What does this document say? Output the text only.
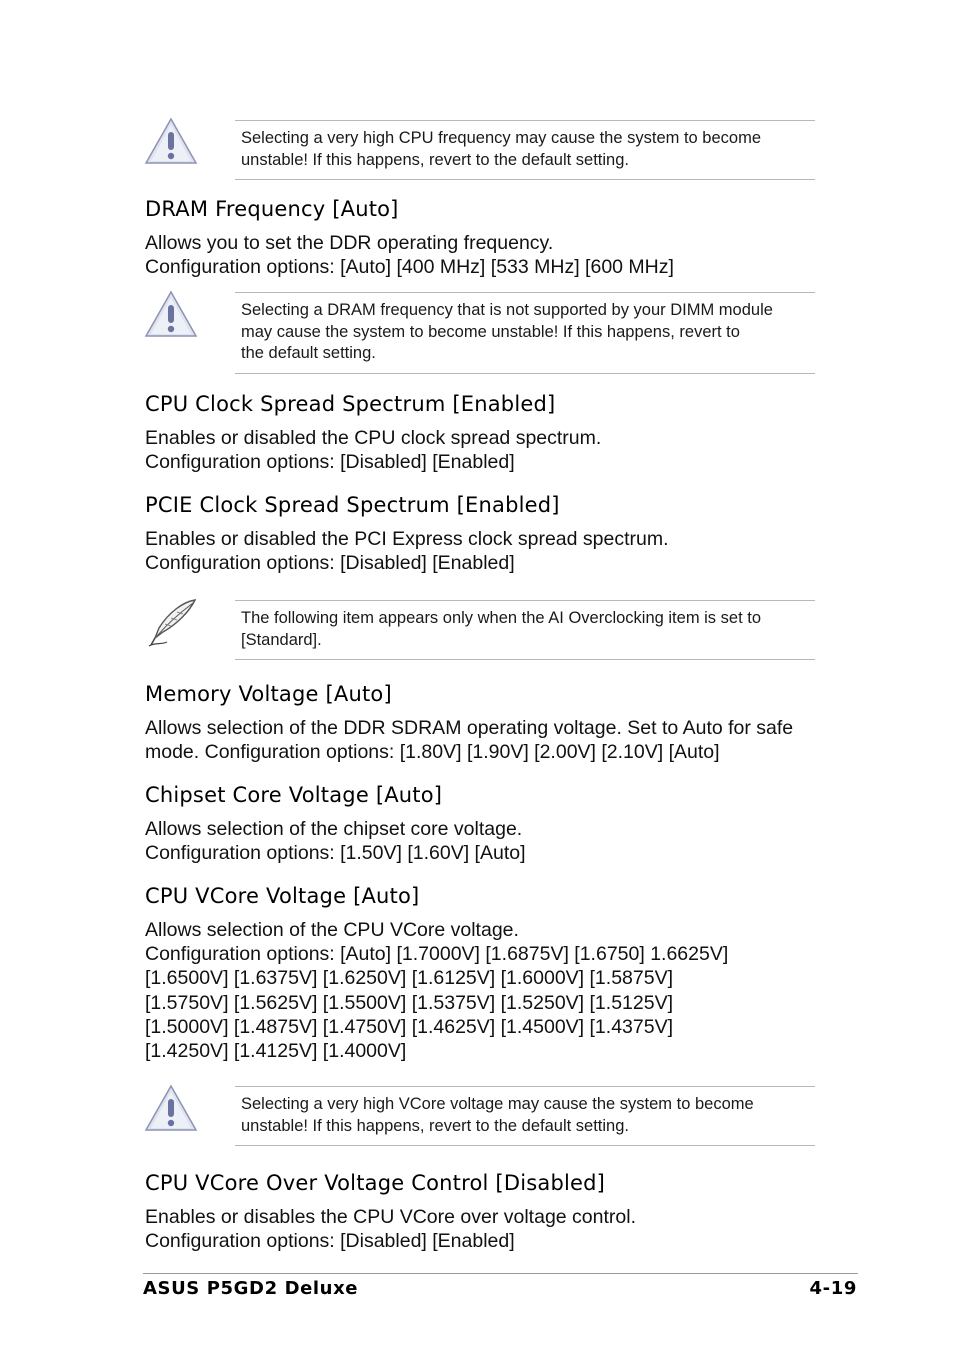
Selecting a very high CPU frequency may cause the system to become
unstable! If this happens, revert to the default setting.

DRAM Frequency [Auto]
Allows you to set the DDR operating frequency.
Configuration options: [Auto] [400 MHz] [533 MHz] [600 MHz]

Selecting a DRAM frequency that is not supported by your DIMM module
may cause the system to become unstable! If this happens, revert to
the default setting.

CPU Clock Spread Spectrum [Enabled]
Enables or disabled the CPU clock spread spectrum.
Configuration options: [Disabled] [Enabled]
PCIE Clock Spread Spectrum [Enabled]
Enables or disabled the PCI Express clock spread spectrum.
Configuration options: [Disabled] [Enabled]

The following item appears only when the AI Overclocking item is set to
[Standard].

Memory Voltage [Auto]
Allows selection of the DDR SDRAM operating voltage. Set to Auto for safe
mode. Configuration options: [1.80V] [1.90V] [2.00V] [2.10V] [Auto]
Chipset Core Voltage [Auto]
Allows selection of the chipset core voltage.
Configuration options: [1.50V] [1.60V] [Auto]
CPU VCore Voltage [Auto]
Allows selection of the CPU VCore voltage.
Configuration options: [Auto] [1.7000V] [1.6875V] [1.6750] 1.6625V]
[1.6500V] [1.6375V] [1.6250V] [1.6125V] [1.6000V] [1.5875V]
[1.5750V] [1.5625V] [1.5500V] [1.5375V] [1.5250V] [1.5125V]
[1.5000V] [1.4875V] [1.4750V] [1.4625V] [1.4500V] [1.4375V]
[1.4250V] [1.4125V] [1.4000V]

Selecting a very high VCore voltage may cause the system to become
unstable! If this happens, revert to the default setting.

CPU VCore Over Voltage Control [Disabled]
Enables or disables the CPU VCore over voltage control.
Configuration options: [Disabled] [Enabled]
ASUS P5GD2 Deluxe	4-19
